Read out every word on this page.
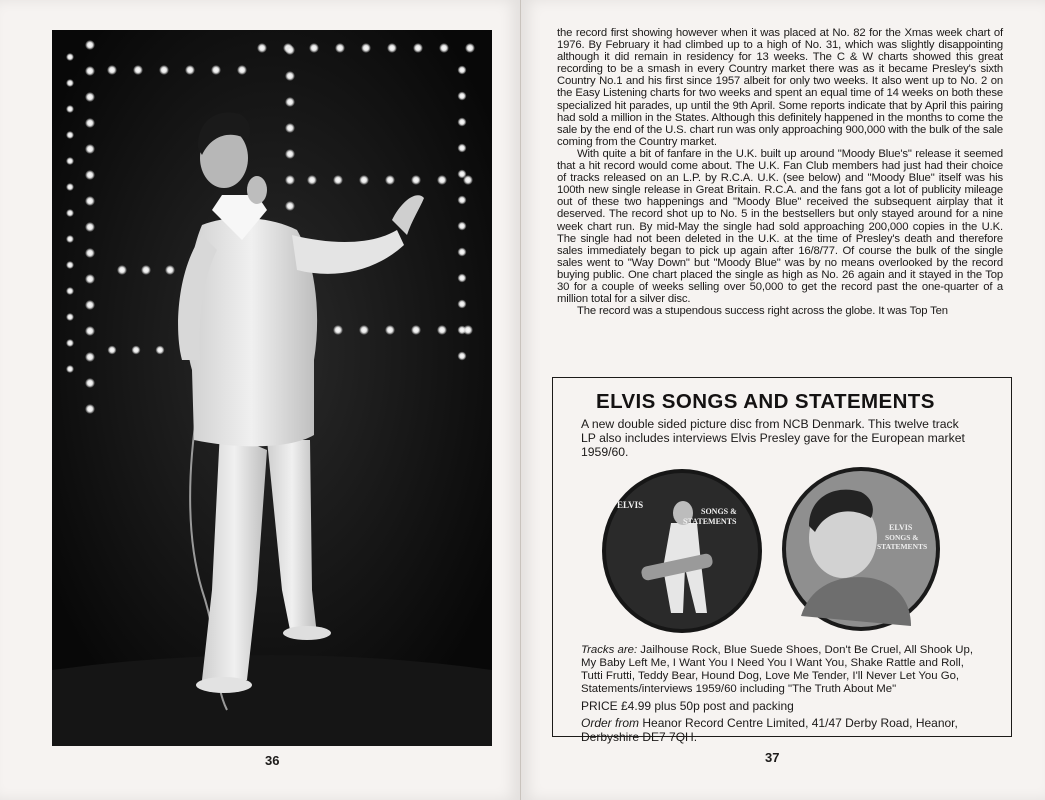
36

the record first showing however when it was placed at No. 82 for the Xmas week chart of 1976. By February it had climbed up to a high of No. 31, which was slightly disappointing although it did remain in residency for 13 weeks. The C & W charts showed this great recording to be a smash in every Country market there was as it became Presley's sixth Country No.1 and his first since 1957 albeit for only two weeks. It also went up to No. 2 on the Easy Listening charts for two weeks and spent an equal time of 14 weeks on both these specialized hit parades, up until the 9th April. Some reports indicate that by April this pairing had sold a million in the States. Although this definitely happened in the months to come the sale by the end of the U.S. chart run was only approaching 900,000 with the bulk of the sale coming from the Country market.

With quite a bit of fanfare in the U.K. built up around "Moody Blue's" release it seemed that a hit record would come about. The U.K. Fan Club members had just had their choice of tracks released on an L.P. by R.C.A. U.K. (see below) and "Moody Blue" itself was his 100th new single release in Great Britain. R.C.A. and the fans got a lot of publicity mileage out of these two happenings and "Moody Blue" received the subsequent airplay that it deserved. The record shot up to No. 5 in the bestsellers but only stayed around for a nine week chart run. By mid-May the single had sold approaching 200,000 copies in the U.K. The single had not been deleted in the U.K. at the time of Presley's death and therefore sales immediately began to pick up again after 16/8/77. Of course the bulk of the single sales went to "Way Down" but "Moody Blue" was by no means overlooked by the record buying public. One chart placed the single as high as No. 26 again and it stayed in the Top 30 for a couple of weeks selling over 50,000 to get the record past the one-quarter of a million total for a silver disc.

The record was a stupendous success right across the globe. It was Top Ten

ELVIS SONGS AND STATEMENTS
A new double sided picture disc from NCB Denmark. This twelve track LP also includes interviews Elvis Presley gave for the European market 1959/60.
ELVIS
SONGS &
STATEMENTS
ELVIS
SONGS &
STATEMENTS
Tracks are: Jailhouse Rock, Blue Suede Shoes, Don't Be Cruel, All Shook Up, My Baby Left Me, I Want You I Need You I Want You, Shake Rattle and Roll, Tutti Frutti, Teddy Bear, Hound Dog, Love Me Tender, I'll Never Let You Go, Statements/interviews 1959/60 including "The Truth About Me"
PRICE £4.99 plus 50p post and packing
Order from Heanor Record Centre Limited, 41/47 Derby Road, Heanor, Derbyshire DE7 7QH.
37
